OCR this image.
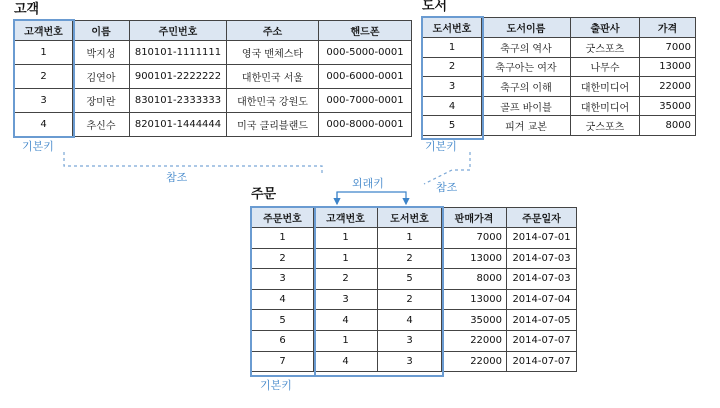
고객
고객번호	이름	주민번호	주소	핸드폰
1	박지성	810101-1111111	영국 맨체스타	000-5000-0001
2	김연아	900101-2222222	대한민국 서울	000-6000-0001
3	장미란	830101-2333333	대한민국 강원도	000-7000-0001
4	추신수	820101-1444444	미국 클리블랜드	000-8000-0001
기본키
도서
도서번호	도서이름	출판사	가격
1	축구의 역사	굿스포츠	7000
2	축구아는 여자	나무수	13000
3	축구의 이해	대한미디어	22000
4	골프 바이블	대한미디어	35000
5	피겨 교본	굿스포츠	8000
기본키
주문
주문번호	고객번호	도서번호	판매가격	주문일자
1	1	1	7000	2014-07-01
2	1	2	13000	2014-07-03
3	2	5	8000	2014-07-03
4	3	2	13000	2014-07-04
5	4	4	35000	2014-07-05
6	1	3	22000	2014-07-07
7	4	3	22000	2014-07-07
기본키
외래키
참조
참조
